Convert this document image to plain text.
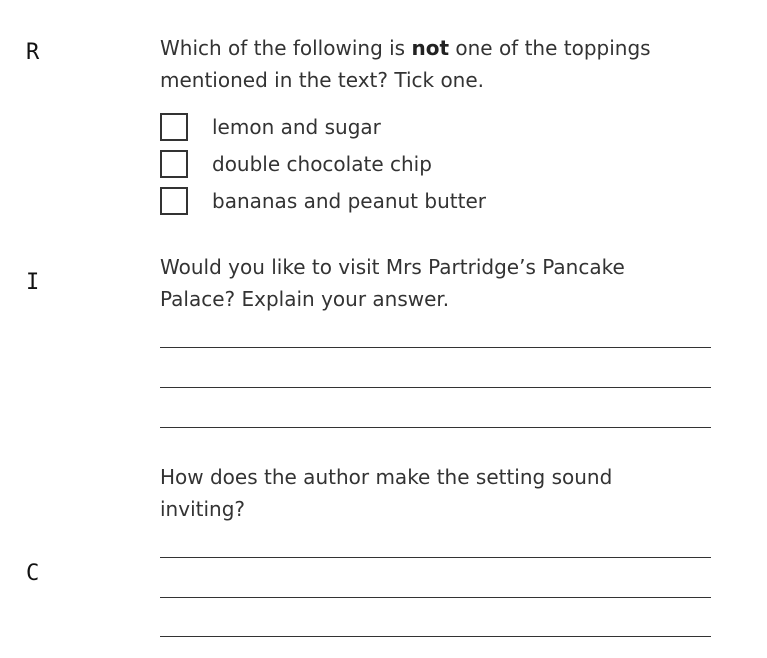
R
I
C
Which of the following is not one of the toppings mentioned in the text? Tick one.
lemon and sugar
double chocolate chip
bananas and peanut butter
Would you like to visit Mrs Partridge’s Pancake Palace? Explain your answer.
How does the author make the setting sound inviting?
